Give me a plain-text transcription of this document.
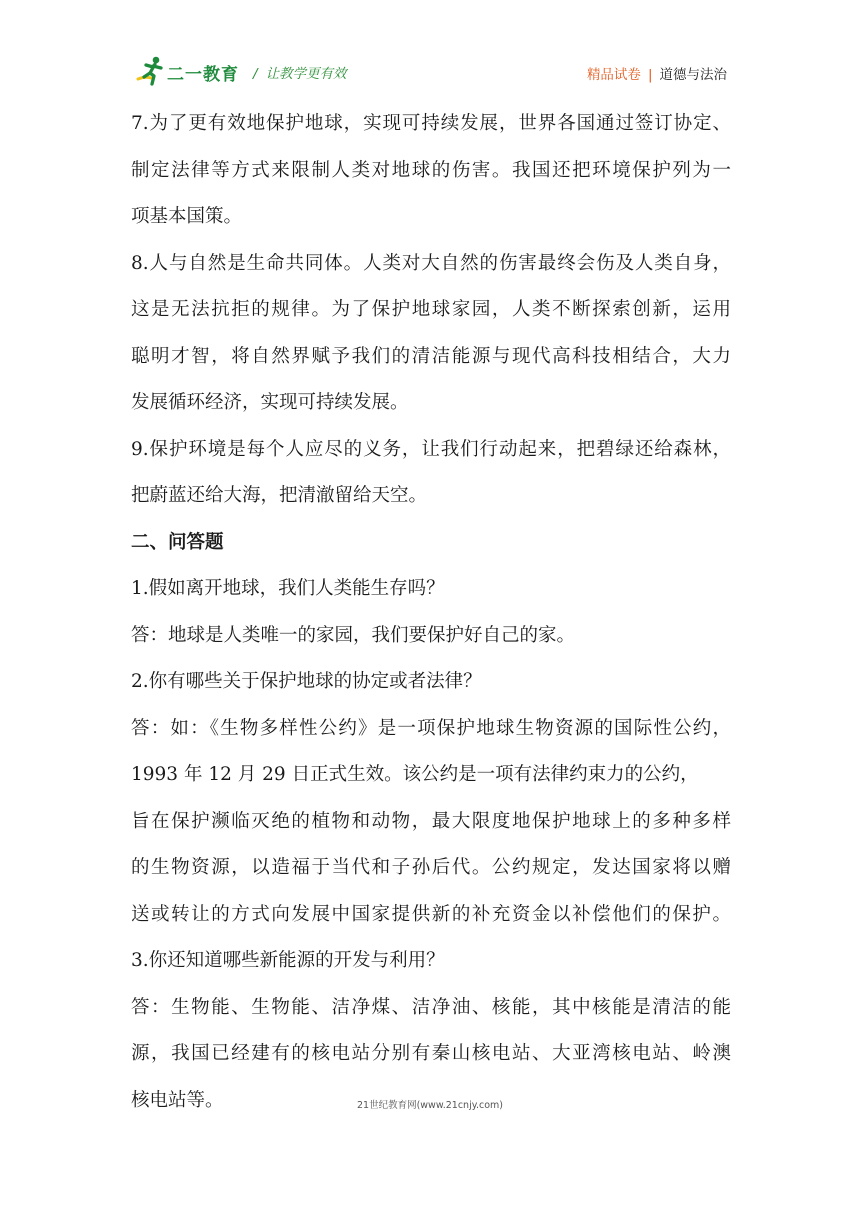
二一教育 / 让教学更有效	精品试卷 | 道德与法治
7.为了更有效地保护地球，实现可持续发展，世界各国通过签订协定、
制定法律等方式来限制人类对地球的伤害。我国还把环境保护列为一
项基本国策。
8.人与自然是生命共同体。人类对大自然的伤害最终会伤及人类自身，
这是无法抗拒的规律。为了保护地球家园，人类不断探索创新，运用
聪明才智，将自然界赋予我们的清洁能源与现代高科技相结合，大力
发展循环经济，实现可持续发展。
9.保护环境是每个人应尽的义务，让我们行动起来，把碧绿还给森林，
把蔚蓝还给大海，把清澈留给天空。
二、问答题
1.假如离开地球，我们人类能生存吗？
答：地球是人类唯一的家园，我们要保护好自己的家。
2.你有哪些关于保护地球的协定或者法律？
答：如：《生物多样性公约》是一项保护地球生物资源的国际性公约，
1993 年 12 月 29 日正式生效。该公约是一项有法律约束力的公约，
旨在保护濒临灭绝的植物和动物，最大限度地保护地球上的多种多样
的生物资源，以造福于当代和子孙后代。公约规定，发达国家将以赠
送或转让的方式向发展中国家提供新的补充资金以补偿他们的保护。
3.你还知道哪些新能源的开发与利用？
答：生物能、生物能、洁净煤、洁净油、核能，其中核能是清洁的能
源，我国已经建有的核电站分别有秦山核电站、大亚湾核电站、岭澳
核电站等。	21世纪教育网(www.21cnjy.com)
